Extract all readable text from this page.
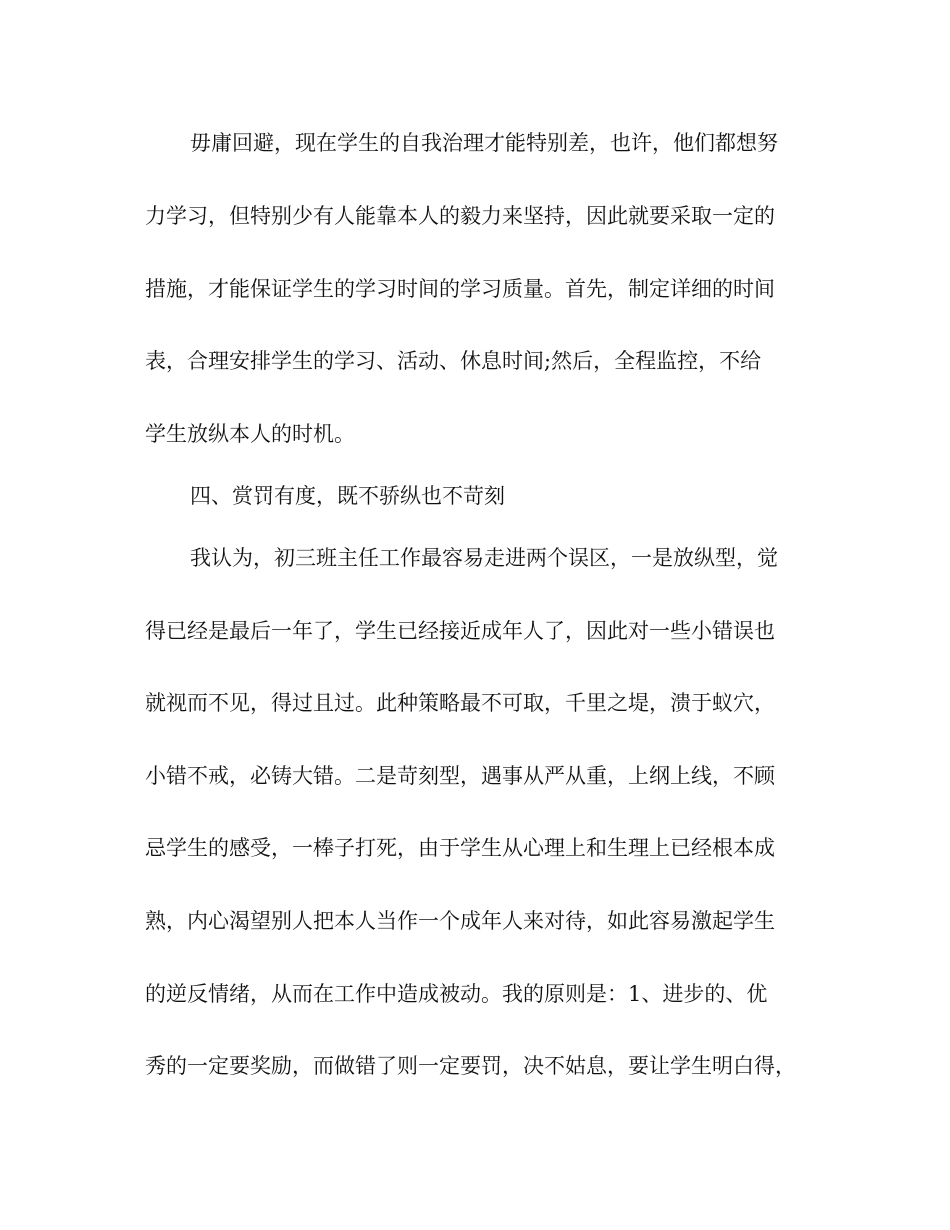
毋庸回避，现在学生的自我治理才能特别差，也许，他们都想努
力学习，但特别少有人能靠本人的毅力来坚持，因此就要采取一定的
措施，才能保证学生的学习时间的学习质量。首先，制定详细的时间
表，合理安排学生的学习、活动、休息时间;然后，全程监控，不给
学生放纵本人的时机。
四、赏罚有度，既不骄纵也不苛刻
我认为，初三班主任工作最容易走进两个误区，一是放纵型，觉
得已经是最后一年了，学生已经接近成年人了，因此对一些小错误也
就视而不见，得过且过。此种策略最不可取，千里之堤，溃于蚁穴，
小错不戒，必铸大错。二是苛刻型，遇事从严从重，上纲上线，不顾
忌学生的感受，一棒子打死，由于学生从心理上和生理上已经根本成
熟，内心渴望别人把本人当作一个成年人来对待，如此容易激起学生
的逆反情绪，从而在工作中造成被动。我的原则是：1、进步的、优
秀的一定要奖励，而做错了则一定要罚，决不姑息，要让学生明白得，
